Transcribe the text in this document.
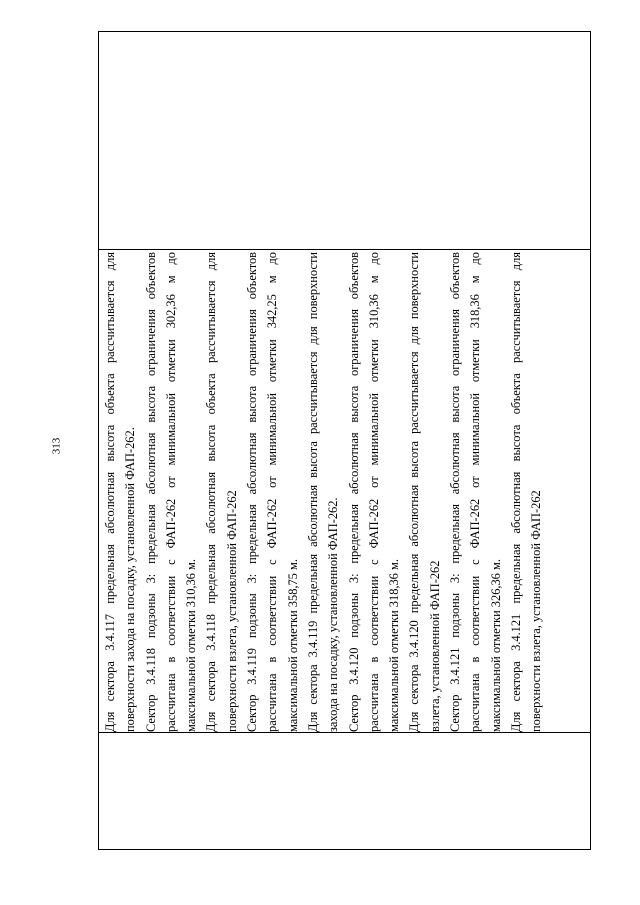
313	Для сектора 3.4.117 предельная абсолютная высота объекта рассчитывается для поверхности захода на посадку, установленной ФАП-262. Сектор 3.4.118 подзоны 3: предельная абсолютная высота ограничения объектов рассчитана в соответствии с ФАП-262 от минимальной отметки 302,36 м до максимальной отметки 310,36 м. Для сектора 3.4.118 предельная абсолютная высота объекта рассчитывается для поверхности взлета, установленной ФАП-262 Сектор 3.4.119 подзоны 3: предельная абсолютная высота ограничения объектов рассчитана в соответствии с ФАП-262 от минимальной отметки 342,25 м до максимальной отметки 358,75 м. Для сектора 3.4.119 предельная абсолютная высота рассчитывается для поверхности захода на посадку, установленной ФАП-262. Сектор 3.4.120 подзоны 3: предельная абсолютная высота ограничения объектов рассчитана в соответствии с ФАП-262 от минимальной отметки 310,36 м до максимальной отметки 318,36 м. Для сектора 3.4.120 предельная абсолютная высота рассчитывается для поверхности взлета, установленной ФАП-262 Сектор 3.4.121 подзоны 3: предельная абсолютная высота ограничения объектов рассчитана в соответствии с ФАП-262 от минимальной отметки 318,36 м до максимальной отметки 326,36 м. Для сектора 3.4.121 предельная абсолютная высота объекта рассчитывается для поверхности взлета, установленной ФАП-262
